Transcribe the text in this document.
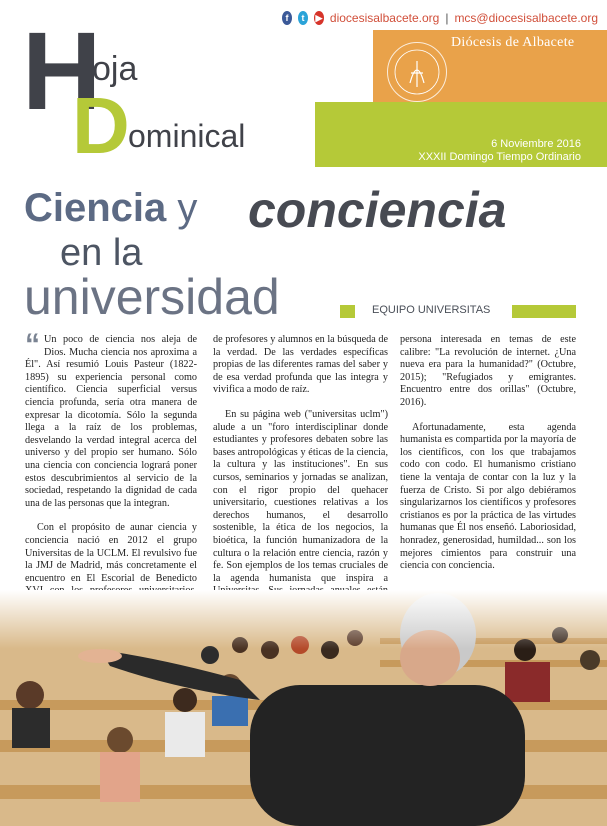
f	t	▶ diocesisalbacete.org | mcs@diocesisalbacete.org
Diócesis de Albacete
6 Noviembre 2016
XXXII Domingo Tiempo Ordinario
H
oja
D
ominical
Ciencia y conciencia
en la
universidad	EQUIPO UNIVERSITAS

“ Un poco de ciencia nos aleja de Dios. Mucha ciencia nos aproxima a Él". Así resumió Louis Pasteur (1822-1895) su experiencia personal como científico. Ciencia superficial versus ciencia profunda, sería otra manera de expresar la dicotomía. Sólo la segunda llega a la raíz de los problemas, desvelando la verdad integral acerca del universo y del propio ser humano. Sólo una ciencia con conciencia logrará poner estos descubrimientos al servicio de la sociedad, respetando la dignidad de cada una de las personas que la integran.

Con el propósito de aunar ciencia y conciencia nació en 2012 el grupo Universitas de la UCLM. El revulsivo fue la JMJ de Madrid, más concretamente el encuentro en El Escorial de Benedicto

de profesores y alumnos en la búsqueda de la verdad. De las verdades específicas propias de las diferentes ramas del saber y de esa verdad profunda que las integra y vivifica a modo de raíz.

En su página web ("universitas uclm") alude a un "foro interdisciplinar donde estudiantes y profesores debaten sobre las bases antropológicas y éticas de la ciencia, la cultura y las instituciones". En sus cursos, seminarios y jornadas se analizan, con el rigor propio del quehacer universitario, cuestiones relativas a los derechos humanos, el desarrollo sostenible, la ética de los negocios, la bioética, la función humanizadora de la cultura o la relación entre ciencia, razón y fe. Son ejemplos de los temas cruciales de la agenda humanista que inspira a

persona interesada en temas de este calibre: "La revolución de internet. ¿Una nueva era para la humanidad?" (Octubre, 2015); "Refugiados y emigrantes. Encuentro entre dos orillas" (Octubre, 2016).

Afortunadamente, esta agenda humanista es compartida por la mayoría de los científicos, con los que trabajamos codo con codo. El humanismo cristiano tiene la ventaja de contar con la luz y la fuerza de Cristo. Si por algo debiéramos singularizarnos los científicos y profesores cristianos es por la práctica de las virtudes humanas que Él nos enseñó. Laboriosidad, honradez, generosidad, humildad... son los mejores cimientos para construir una ciencia con conciencia.
